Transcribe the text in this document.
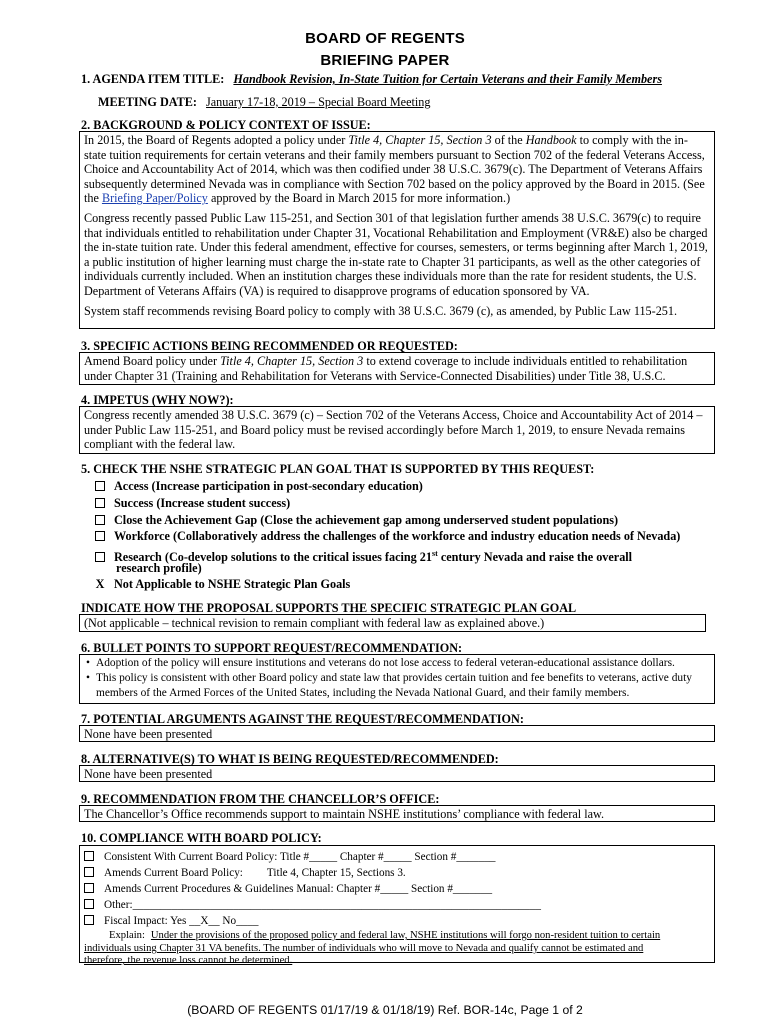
BOARD OF REGENTS
BRIEFING PAPER
1. AGENDA ITEM TITLE: Handbook Revision, In-State Tuition for Certain Veterans and their Family Members
MEETING DATE: January 17-18, 2019 – Special Board Meeting
2. BACKGROUND & POLICY CONTEXT OF ISSUE:

In 2015, the Board of Regents adopted a policy under Title 4, Chapter 15, Section 3 of the Handbook to comply with the in-state tuition requirements for certain veterans and their family members pursuant to Section 702 of the federal Veterans Access, Choice and Accountability Act of 2014, which was then codified under 38 U.S.C. 3679(c). The Department of Veterans Affairs subsequently determined Nevada was in compliance with Section 702 based on the policy approved by the Board in 2015. (See the Briefing Paper/Policy approved by the Board in March 2015 for more information.)

Congress recently passed Public Law 115-251, and Section 301 of that legislation further amends 38 U.S.C. 3679(c) to require that individuals entitled to rehabilitation under Chapter 31, Vocational Rehabilitation and Employment (VR&E) also be charged the in-state tuition rate. Under this federal amendment, effective for courses, semesters, or terms beginning after March 1, 2019, a public institution of higher learning must charge the in-state rate to Chapter 31 participants, as well as the other categories of individuals currently included. When an institution charges these individuals more than the rate for resident students, the U.S. Department of Veterans Affairs (VA) is required to disapprove programs of education sponsored by VA.

System staff recommends revising Board policy to comply with 38 U.S.C. 3679 (c), as amended, by Public Law 115-251.

3. SPECIFIC ACTIONS BEING RECOMMENDED OR REQUESTED:

Amend Board policy under Title 4, Chapter 15, Section 3 to extend coverage to include individuals entitled to rehabilitation under Chapter 31 (Training and Rehabilitation for Veterans with Service-Connected Disabilities) under Title 38, U.S.C.

4. IMPETUS (WHY NOW?):

Congress recently amended 38 U.S.C. 3679 (c) – Section 702 of the Veterans Access, Choice and Accountability Act of 2014 – under Public Law 115-251, and Board policy must be revised accordingly before March 1, 2019, to ensure Nevada remains compliant with the federal law.

5. CHECK THE NSHE STRATEGIC PLAN GOAL THAT IS SUPPORTED BY THIS REQUEST:
Access (Increase participation in post-secondary education)
Success (Increase student success)
Close the Achievement Gap (Close the achievement gap among underserved student populations)
Workforce (Collaboratively address the challenges of the workforce and industry education needs of Nevada)
Research (Co-develop solutions to the critical issues facing 21st century Nevada and raise the overall
research profile)
X Not Applicable to NSHE Strategic Plan Goals
INDICATE HOW THE PROPOSAL SUPPORTS THE SPECIFIC STRATEGIC PLAN GOAL

(Not applicable – technical revision to remain compliant with federal law as explained above.)

6. BULLET POINTS TO SUPPORT REQUEST/RECOMMENDATION:

• Adoption of the policy will ensure institutions and veterans do not lose access to federal veteran-educational assistance dollars.

• This policy is consistent with other Board policy and state law that provides certain tuition and fee benefits to veterans, active duty members of the Armed Forces of the United States, including the Nevada National Guard, and their family members.

7. POTENTIAL ARGUMENTS AGAINST THE REQUEST/RECOMMENDATION:

None have been presented

8. ALTERNATIVE(S) TO WHAT IS BEING REQUESTED/RECOMMENDED:

None have been presented

9. RECOMMENDATION FROM THE CHANCELLOR’S OFFICE:

The Chancellor’s Office recommends support to maintain NSHE institutions’ compliance with federal law.

10. COMPLIANCE WITH BOARD POLICY:
Consistent With Current Board Policy: Title #_____ Chapter #_____ Section #_______
Amends Current Board Policy: Title 4, Chapter 15, Sections 3.
Amends Current Procedures & Guidelines Manual: Chapter #_____ Section #_______
Other:_________________________________________________________________________
Fiscal Impact: Yes __X__ No____
Explain: Under the provisions of the proposed policy and federal law, NSHE institutions will forgo non-resident tuition to certain
individuals using Chapter 31 VA benefits. The number of individuals who will move to Nevada and qualify cannot be estimated and
therefore, the revenue loss cannot be determined.
(BOARD OF REGENTS 01/17/19 & 01/18/19) Ref. BOR-14c, Page 1 of 2
